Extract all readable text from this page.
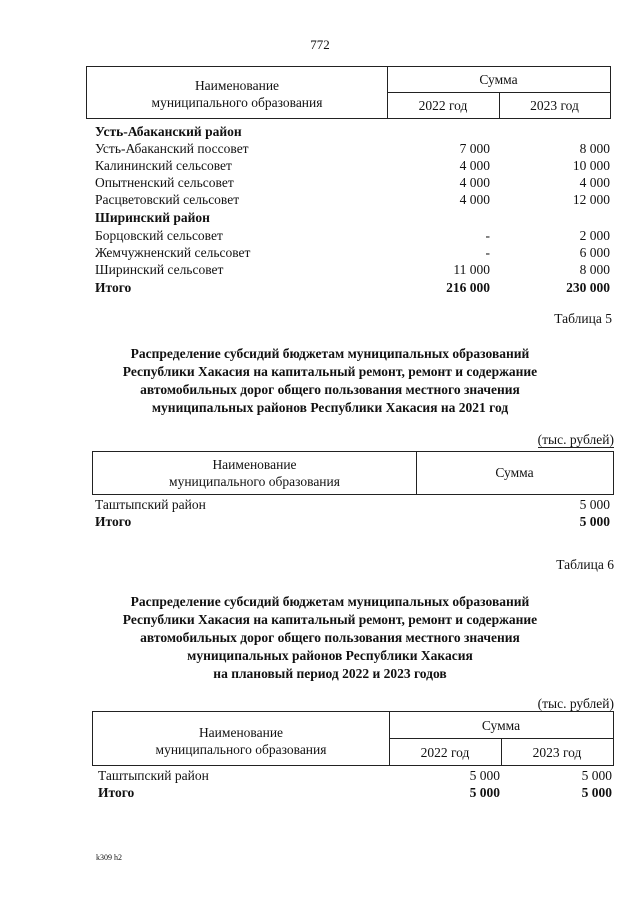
772
Наименование
муниципального образования
Сумма
2022 год	2023 год
Усть-Абаканский район
Усть-Абаканский поссовет	7 000	8 000
Калининский сельсовет	4 000	10 000
Опытненский сельсовет	4 000	4 000
Расцветовский сельсовет	4 000	12 000
Ширинский район
Борцовский сельсовет	-	2 000
Жемчужненский сельсовет	-	6 000
Ширинский сельсовет	11 000	8 000
Итого	216 000	230 000
Таблица 5
Распределение субсидий бюджетам муниципальных образований
Республики Хакасия на капитальный ремонт, ремонт и содержание
автомобильных дорог общего пользования местного значения
муниципальных районов Республики Хакасия на 2021 год
(тыс. рублей)
Наименование
муниципального образования
Сумма
Таштыпский район	5 000
Итого	5 000
Таблица 6
Распределение субсидий бюджетам муниципальных образований
Республики Хакасия на капитальный ремонт, ремонт и содержание
автомобильных дорог общего пользования местного значения
муниципальных районов Республики Хакасия
на плановый период 2022 и 2023 годов
(тыс. рублей)
Наименование
муниципального образования
Сумма
2022 год	2023 год
Таштыпский район	5 000	5 000
Итого	5 000	5 000
k309 h2
